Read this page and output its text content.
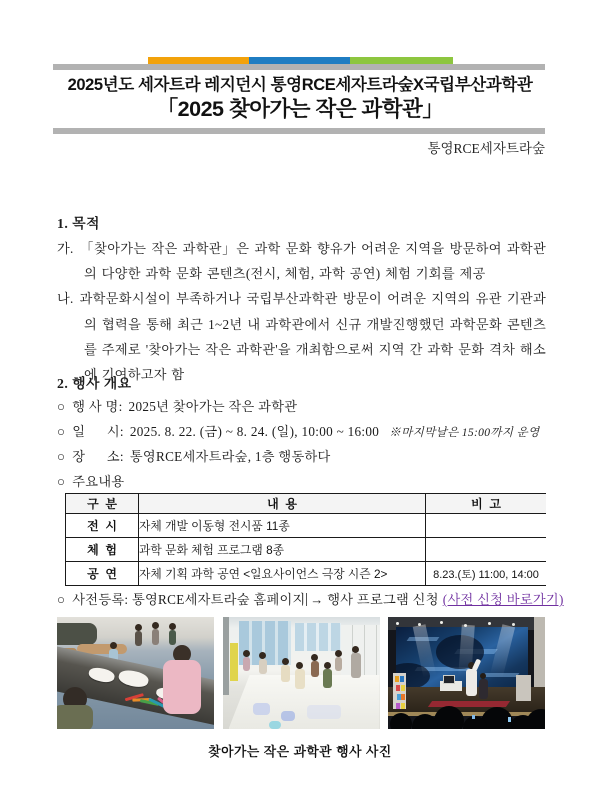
2025년도 세자트라 레지던시 통영RCE세자트라숲X국립부산과학관
「2025 찾아가는 작은 과학관」
통영RCE세자트라숲
1. 목적

가. 「찾아가는 작은 과학관」은 과학 문화 향유가 어려운 지역을 방문하여 과학관의 다양한 과학 문화 콘텐츠(전시, 체험, 과학 공연) 체험 기회를 제공

나. 과학문화시설이 부족하거나 국립부산과학관 방문이 어려운 지역의 유관 기관과의 협력을 통해 최근 1~2년 내 과학관에서 신규 개발진행했던 과학문화 콘텐츠를 주제로 '찾아가는 작은 과학관'을 개최함으로써 지역 간 과학 문화 격차 해소에 기여하고자 함

2. 행사 개요
○ 행 사 명: 2025년 찾아가는 작은 과학관
○ 일      시: 2025. 8. 22. (금) ~ 8. 24. (일), 10:00 ~ 16:00 ※마지막날은 15:00까지 운영
○ 장      소: 통영RCE세자트라숲, 1층 행동하다
○ 주요내용
구  분	내  용	비  고
전  시	자체 개발 이동형 전시품 11종	
체  험	과학 문화 체험 프로그램 8종	
공  연	자체 기획 과학 공연 <일요사이언스 극장 시즌 2>	8.23.(토) 11:00, 14:00
○ 사전등록: 통영RCE세자트라숲 홈페이지 → 행사 프로그램 신청 (사전 신청 바로가기)
찾아가는 작은 과학관 행사 사진
